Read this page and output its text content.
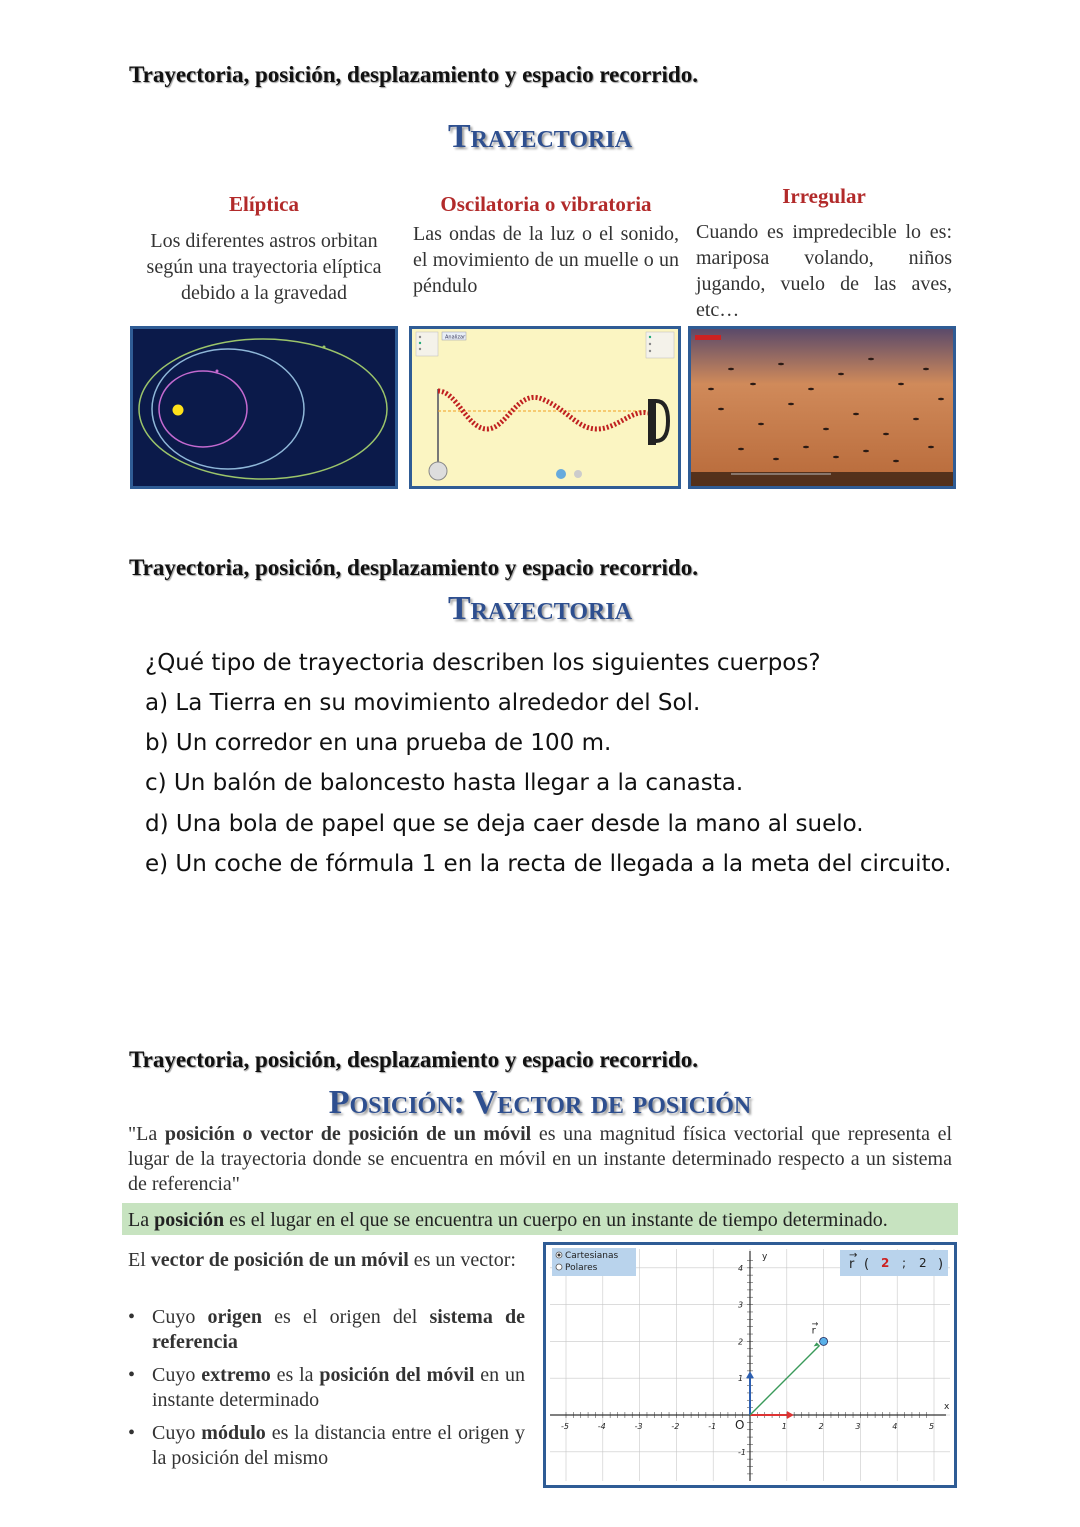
Trayectoria, posición, desplazamiento y espacio recorrido.
Trayectoria
Elíptica
Los diferentes astros orbitan según una trayectoria elíptica debido a la gravedad
Oscilatoria o vibratoria
Las ondas de la luz o el sonido, el movimiento de un muelle o un péndulo
Irregular
Cuando es impredecible lo es: mariposa volando, niños jugando, vuelo de las aves, etc…
Analizar
Trayectoria, posición, desplazamiento y espacio recorrido.
Trayectoria
¿Qué tipo de trayectoria describen los siguientes cuerpos?
a) La Tierra en su movimiento alrededor del Sol.
b) Un corredor en una prueba de 100 m.
c) Un balón de baloncesto hasta llegar a la canasta.
d) Una bola de papel que se deja caer desde la mano al suelo.
e) Un coche de fórmula 1 en la recta de llegada a la meta del circuito.
Trayectoria, posición, desplazamiento y espacio recorrido.
Posición: Vector de posición
"La posición o vector de posición de un móvil es una magnitud física vectorial que representa el lugar de la trayectoria donde se encuentra en móvil en un instante determinado respecto a un sistema de referencia"
La posición es el lugar en el que se encuentra un cuerpo en un instante de tiempo determinado.
El vector de posición de un móvil es un vector:
• Cuyo origen es el origen del sistema de referencia
• Cuyo extremo es la posición del móvil en un instante determinado
• Cuyo módulo es la distancia entre el origen y la posición del mismo
x
y
O
-5	-4	-3	-2	-1	1	2	3	4	5
4
3
2
1
-1
r
→
Cartesianas
Polares	r
→
( 2 ; 2 )
